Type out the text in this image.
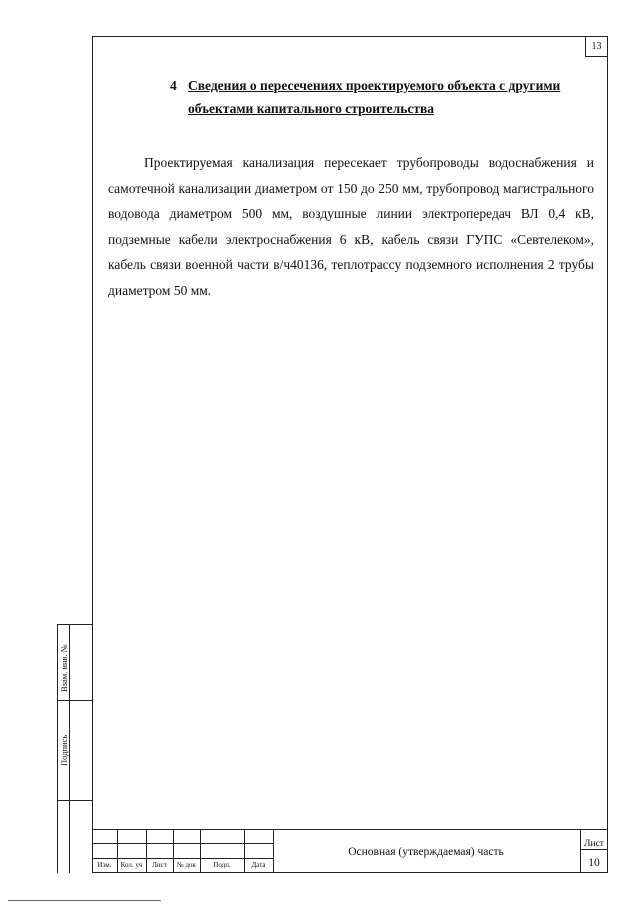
13
4 Сведения о пересечениях проектируемого объекта с другими объектами капитального строительства
Проектируемая канализация пересекает трубопроводы водоснабжения и самотечной канализации диаметром от 150 до 250 мм, трубопровод магистрального водовода диаметром 500 мм, воздушные линии электропередач ВЛ 0,4 кВ, подземные кабели электроснабжения 6 кВ, кабель связи ГУПС «Севтелеком», кабель связи военной части в/ч40136, теплотрассу подземного исполнения 2 трубы диаметром 50 мм.
Взам. инв. №
Подпись
Изм.	Кол. уч	Лист	№ док	Подп.	Дата
Основная (утверждаемая) часть
Лист
10
